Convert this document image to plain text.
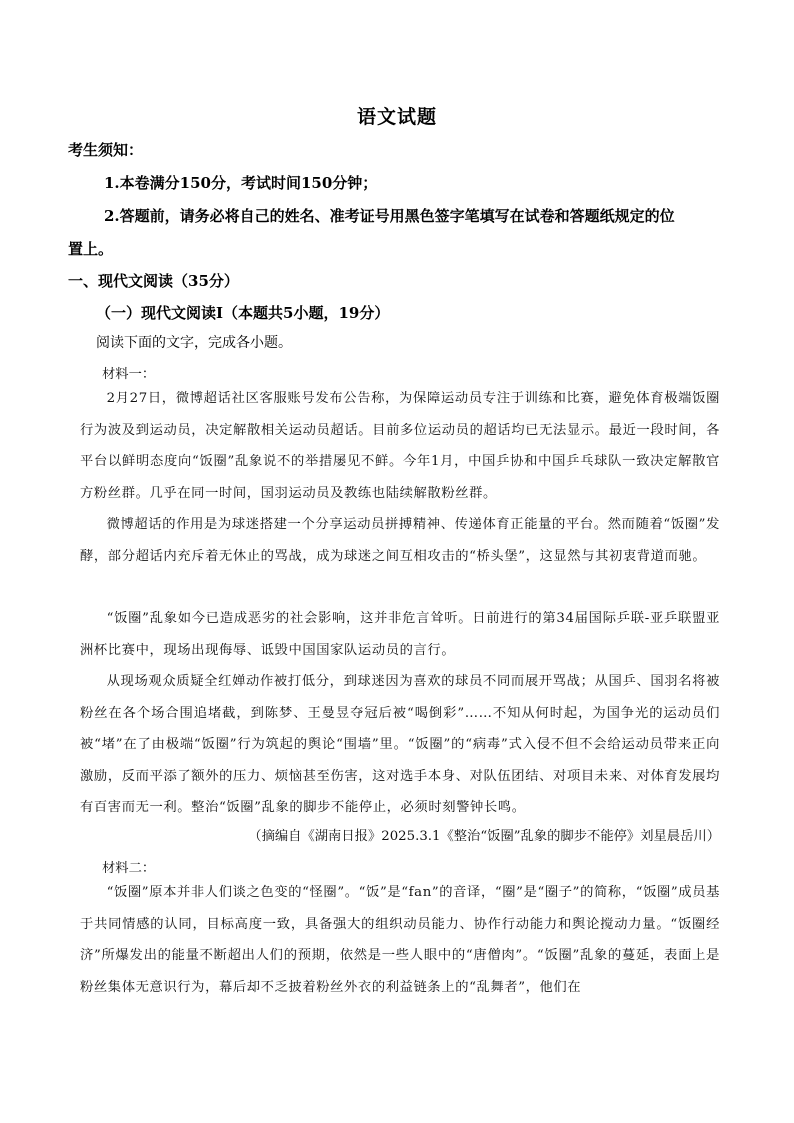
语文试题
考生须知：
1.本卷满分150分，考试时间150分钟；
2.答题前，请务必将自己的姓名、准考证号用黑色签字笔填写在试卷和答题纸规定的位
置上。
一、现代文阅读（35分）
（一）现代文阅读Ⅰ（本题共5小题，19分）
阅读下面的文字，完成各小题。
材料一：
2月27日，微博超话社区客服账号发布公告称，为保障运动员专注于训练和比赛，避免体育极端饭圈行为波及到运动员，决定解散相关运动员超话。目前多位运动员的超话均已无法显示。最近一段时间，各平台以鲜明态度向“饭圈”乱象说不的举措屡见不鲜。今年1月，中国乒协和中国乒乓球队一致决定解散官方粉丝群。几乎在同一时间，国羽运动员及教练也陆续解散粉丝群。
微博超话的作用是为球迷搭建一个分享运动员拼搏精神、传递体育正能量的平台。然而随着“饭圈”发酵，部分超话内充斥着无休止的骂战，成为球迷之间互相攻击的“桥头堡”，这显然与其初衷背道而驰。
“饭圈”乱象如今已造成恶劣的社会影响，这并非危言耸听。日前进行的第34届国际乒联-亚乒联盟亚洲杯比赛中，现场出现侮辱、诋毁中国国家队运动员的言行。
从现场观众质疑全红婵动作被打低分，到球迷因为喜欢的球员不同而展开骂战；从国乒、国羽名将被粉丝在各个场合围追堵截，到陈梦、王曼昱夺冠后被“喝倒彩”……不知从何时起，为国争光的运动员们被“堵”在了由极端“饭圈”行为筑起的舆论“围墙”里。“饭圈”的“病毒”式入侵不但不会给运动员带来正向激励，反而平添了额外的压力、烦恼甚至伤害，这对选手本身、对队伍团结、对项目未来、对体育发展均有百害而无一利。整治“饭圈”乱象的脚步不能停止，必须时刻警钟长鸣。
（摘编自《湖南日报》2025.3.1《整治“饭圈”乱象的脚步不能停》刘星晨岳川）
材料二：
“饭圈”原本并非人们谈之色变的“怪圈”。“饭”是“fan”的音译，“圈”是“圈子”的简称，“饭圈”成员基于共同情感的认同，目标高度一致，具备强大的组织动员能力、协作行动能力和舆论搅动力量。“饭圈经济”所爆发出的能量不断超出人们的预期，依然是一些人眼中的“唐僧肉”。“饭圈”乱象的蔓延，表面上是粉丝集体无意识行为，幕后却不乏披着粉丝外衣的利益链条上的“乱舞者”，他们在
